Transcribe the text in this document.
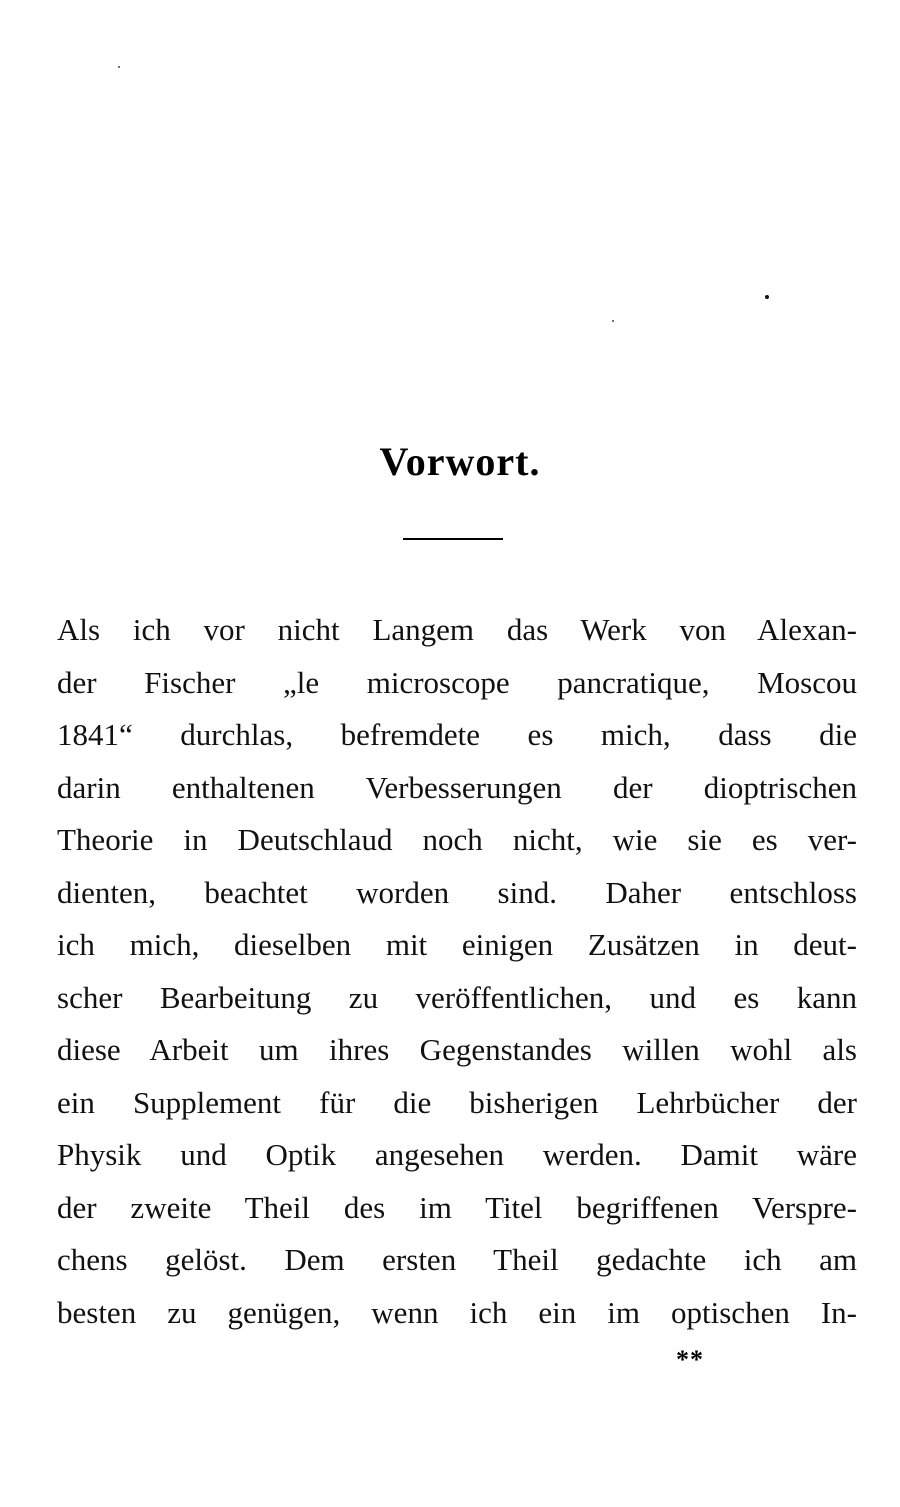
Vorwort.
Als ich vor nicht Langem das Werk von Alexan-
der Fischer „le microscope pancratique, Moscou
1841“ durchlas, befremdete es mich, dass die
darin enthaltenen Verbesserungen der dioptrischen
Theorie in Deutschlaud noch nicht, wie sie es ver-
dienten, beachtet worden sind. Daher entschloss
ich mich, dieselben mit einigen Zusätzen in deut-
scher Bearbeitung zu veröffentlichen, und es kann
diese Arbeit um ihres Gegenstandes willen wohl als
ein Supplement für die bisherigen Lehrbücher der
Physik und Optik angesehen werden. Damit wäre
der zweite Theil des im Titel begriffenen Verspre-
chens gelöst. Dem ersten Theil gedachte ich am
besten zu genügen, wenn ich ein im optischen In-
**
